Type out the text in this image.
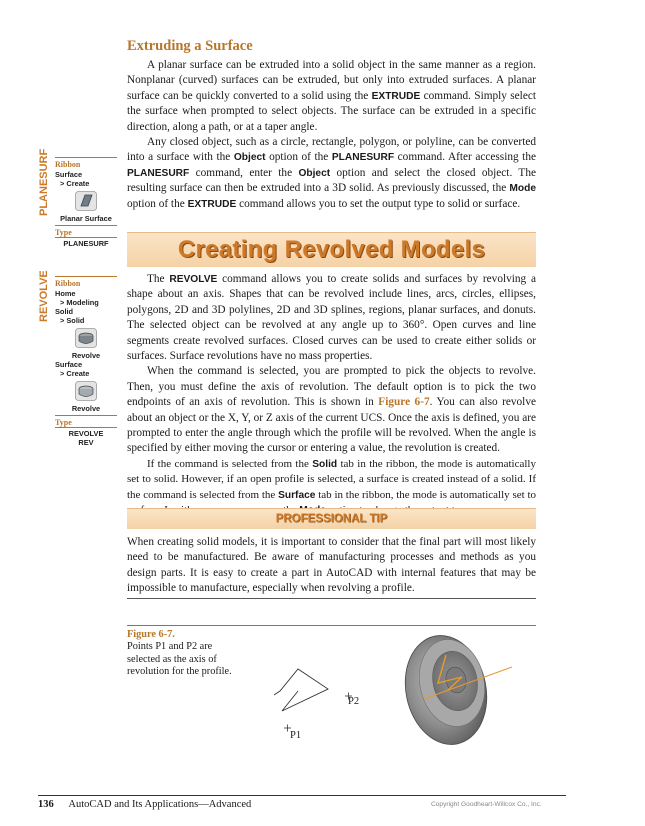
Extruding a Surface

A planar surface can be extruded into a solid object in the same manner as a region. Nonplanar (curved) surfaces can be extruded, but only into extruded surfaces. A planar surface can be quickly converted to a solid using the EXTRUDE command. Simply select the surface when prompted to select objects. The surface can be extruded in a specific direction, along a path, or at a taper angle.

Any closed object, such as a circle, rectangle, polygon, or polyline, can be converted into a surface with the Object option of the PLANESURF command. After accessing the PLANESURF command, enter the Object option and select the closed object. The resulting surface can then be extruded into a 3D solid. As previously discussed, the Mode option of the EXTRUDE command allows you to set the output type to solid or surface.

PLANESURF Ribbon
Surface
> Create
Planar Surface
Type
PLANESURF	Creating Revolved Models
REVOLVE Ribbon
Home
> Modeling
Solid
> Solid
Revolve
Surface
> Create
Revolve
Type
REVOLVE
REV

The REVOLVE command allows you to create solids and surfaces by revolving a shape about an axis. Shapes that can be revolved include lines, arcs, circles, ellipses, polygons, 2D and 3D polylines, 2D and 3D splines, regions, planar surfaces, and donuts. The selected object can be revolved at any angle up to 360°. Open curves and line segments create revolved surfaces. Closed curves can be used to create either solids or surfaces. Surface revolutions have no mass properties.

When the command is selected, you are prompted to pick the objects to revolve. Then, you must define the axis of revolution. The default option is to pick the two endpoints of an axis of revolution. This is shown in Figure 6-7. You can also revolve about an object or the X, Y, or Z axis of the current UCS. Once the axis is defined, you are prompted to enter the angle through which the profile will be revolved. When the angle is specified by either moving the cursor or entering a value, the revolution is created.

If the command is selected from the Solid tab in the ribbon, the mode is automatically set to solid. However, if an open profile is selected, a surface is created instead of a solid. If the command is selected from the Surface tab in the ribbon, the mode is automatically set to

PROFESSIONAL TIP

When creating solid models, it is important to consider that the final part will most likely need to be manufactured. Be aware of manufacturing processes and methods as you design parts. It is easy to create a part in AutoCAD with internal features that may be impossible to manufacture, especially when revolving a profile.

Figure 6-7.
Points P1 and P2 are selected as the axis of revolution for the profile.
P2
P1
136 AutoCAD and Its Applications—Advanced	Copyright Goodheart-Willcox Co., Inc.
